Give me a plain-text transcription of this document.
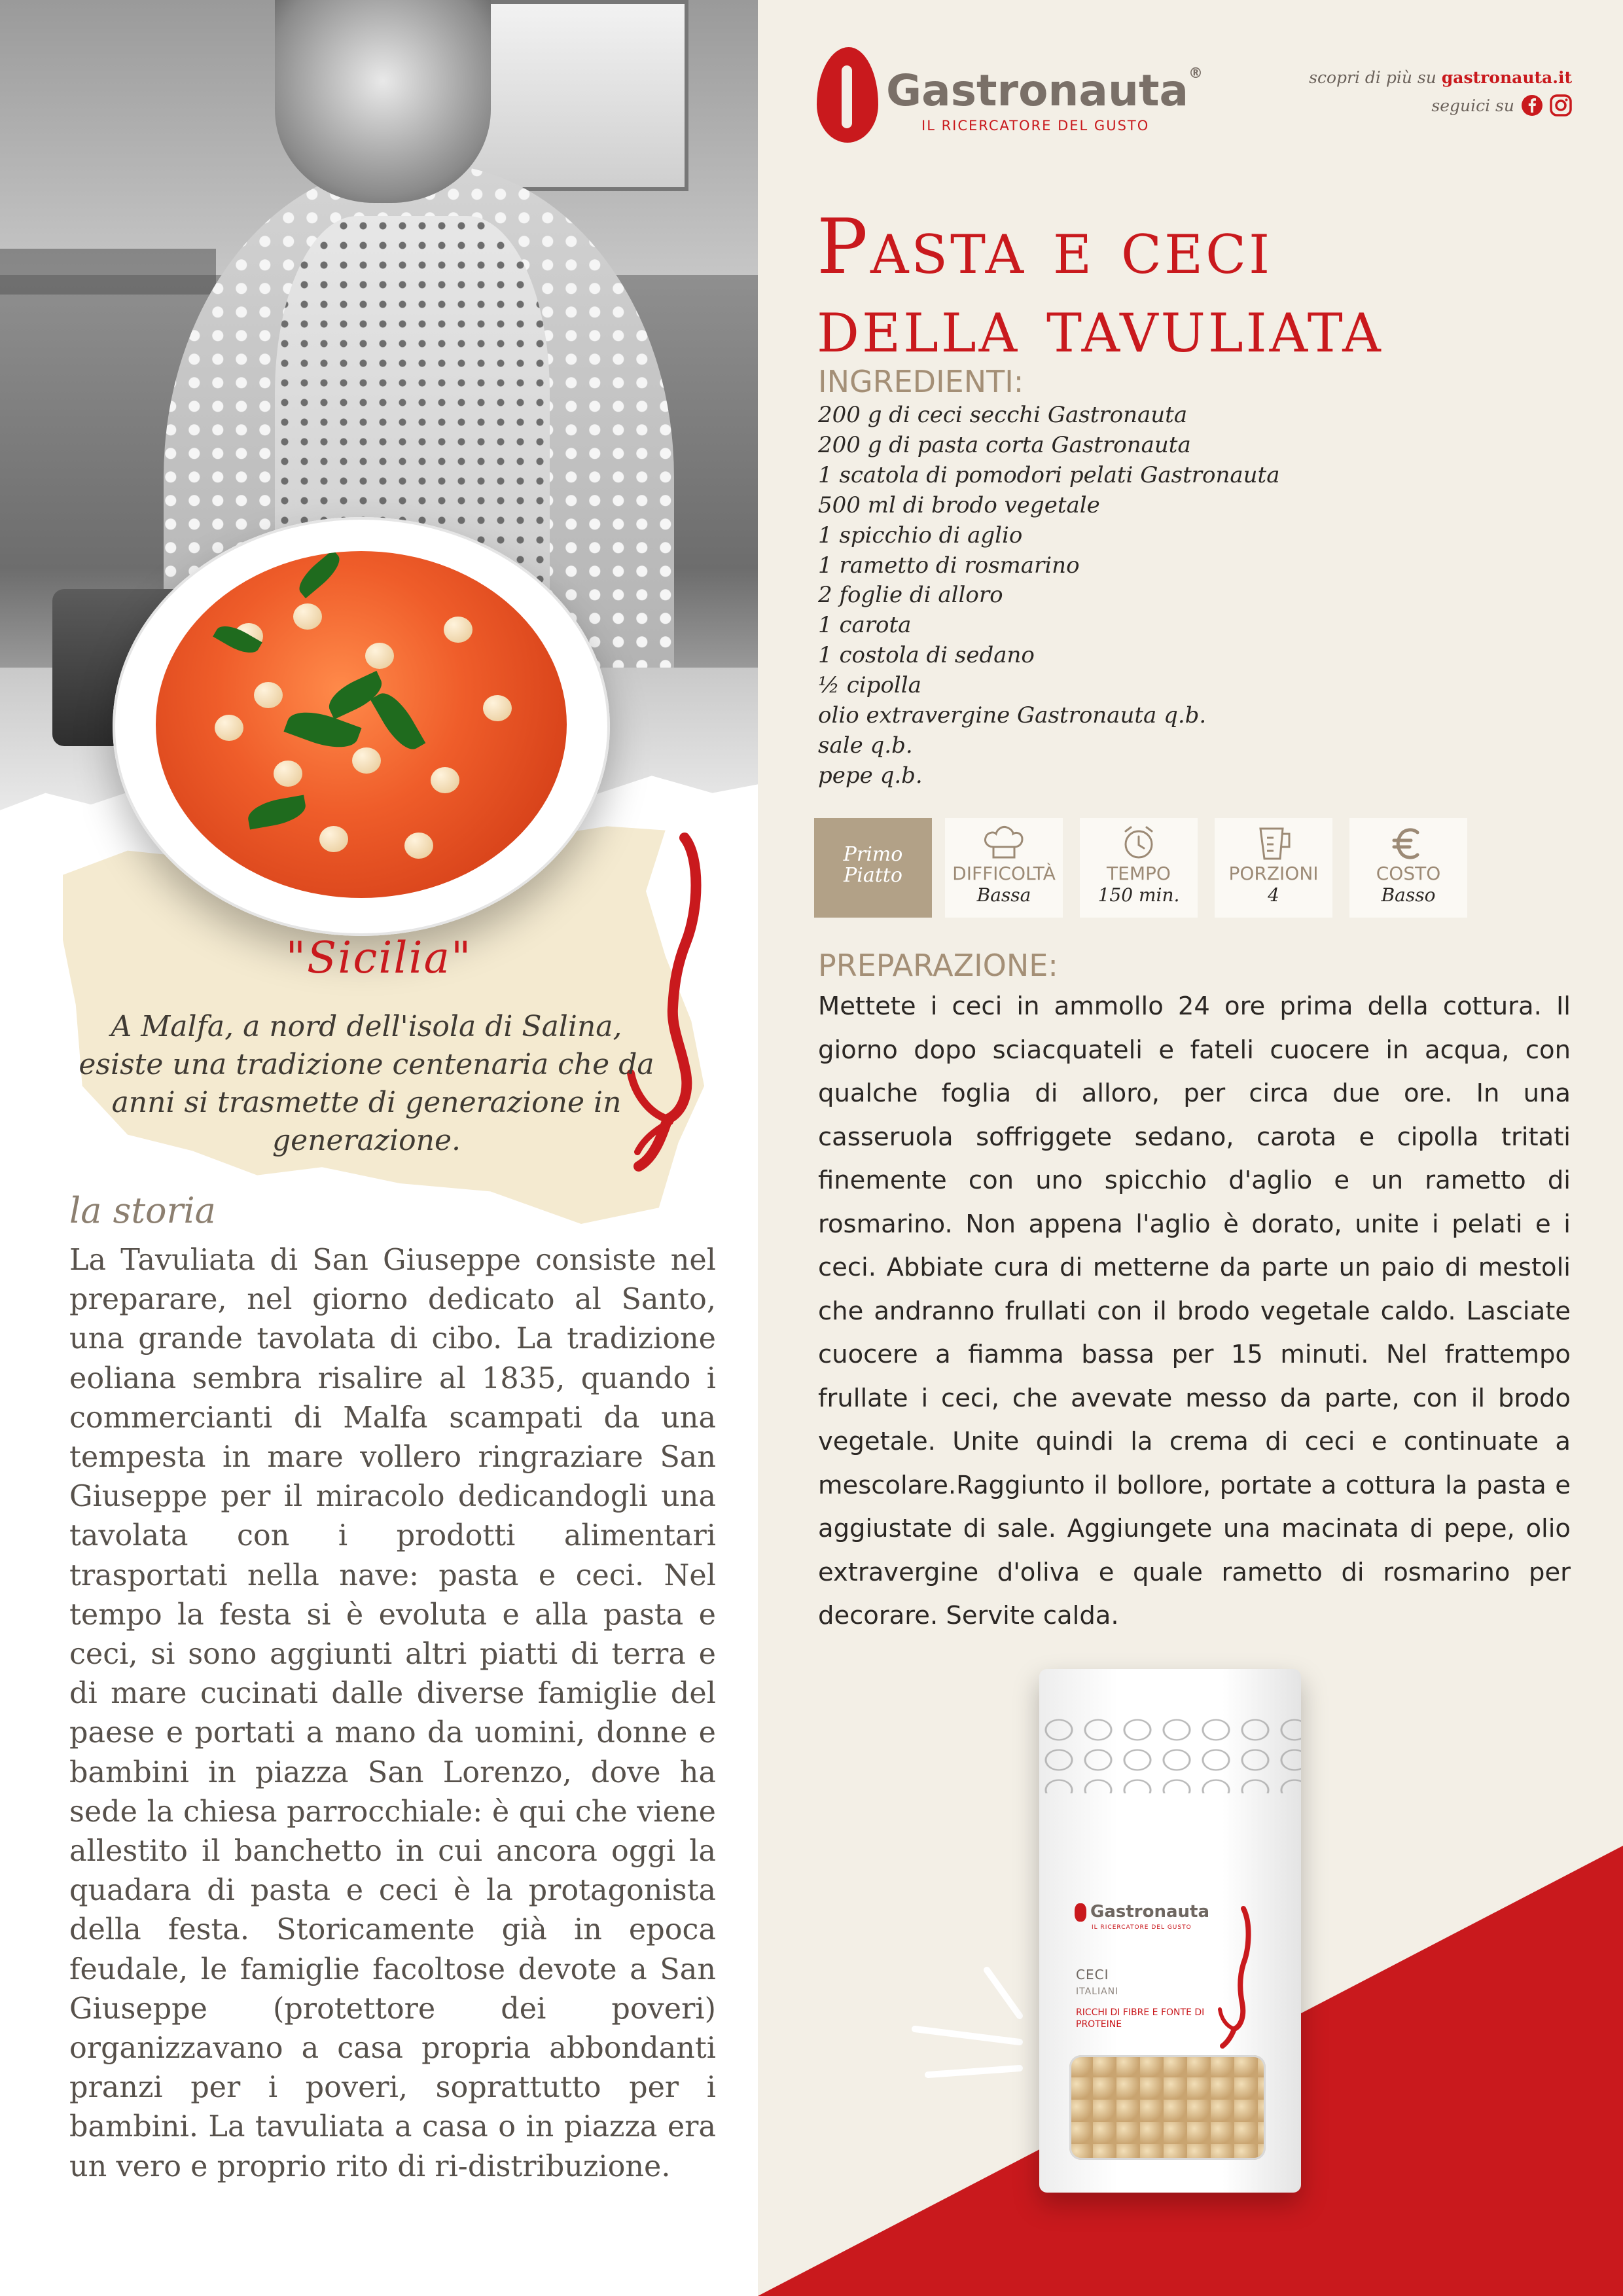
"Sicilia"
A Malfa, a nord dell'isola di Salina, esiste una tradizione centenaria che da anni si trasmette di generazione in generazione.
la storia
La Tavuliata di San Giuseppe consiste nel preparare, nel giorno dedicato al Santo, una grande tavolata di cibo. La tradizione eoliana sembra risalire al 1835, quando i commercianti di Malfa scampati da una tempesta in mare vollero ringraziare San Giuseppe per il miracolo dedicandogli una tavolata con i prodotti alimentari trasportati nella nave: pasta e ceci. Nel tempo la festa si è evoluta e alla pasta e ceci, si sono aggiunti altri piatti di terra e di mare cucinati dalle diverse famiglie del paese e portati a mano da uomini, donne e bambini in piazza San Lorenzo, dove ha sede la chiesa parrocchiale: è qui che viene allestito il banchetto in cui ancora oggi la quadara di pasta e ceci è la protagonista della festa. Storicamente già in epoca feudale, le famiglie facoltose devote a San Giuseppe (protettore dei poveri) organizzavano a casa propria abbondanti pranzi per i poveri, soprattutto per i bambini. La tavuliata a casa o in piazza era un vero e proprio rito di ri-distribuzione.
Gastronauta®
IL RICERCATORE DEL GUSTO
scopri di più su gastronauta.it
seguici su
Pasta e ceci
della tavuliata
INGREDIENTI:
200 g di ceci secchi Gastronauta
200 g di pasta corta Gastronauta
1 scatola di pomodori pelati Gastronauta
500 ml di brodo vegetale
1 spicchio di aglio
1 rametto di rosmarino
2 foglie di alloro
1 carota
1 costola di sedano
½ cipolla
olio extravergine Gastronauta q.b.
sale q.b.
pepe q.b.
Primo Piatto	DIFFICOLTÀ
Bassa
TEMPO
150 min.
PORZIONI
4
COSTO
Basso
PREPARAZIONE:
Mettete i ceci in ammollo 24 ore prima della cottura. Il giorno dopo sciacquateli e fateli cuocere in acqua, con qualche foglia di alloro, per circa due ore. In una casseruola soffriggete sedano, carota e cipolla tritati finemente con uno spicchio d'aglio e un rametto di rosmarino. Non appena l'aglio è dorato, unite i pelati e i ceci. Abbiate cura di metterne da parte un paio di mestoli che andranno frullati con il brodo vegetale caldo. Lasciate cuocere a fiamma bassa per 15 minuti. Nel frattempo frullate i ceci, che avevate messo da parte, con il brodo vegetale. Unite quindi la crema di ceci e continuate a mescolare.Raggiunto il bollore, portate a cottura la pasta e aggiustate di sale. Aggiungete una macinata di pepe, olio extravergine d'oliva e quale rametto di rosmarino per decorare. Servite calda.
Gastronauta
IL RICERCATORE DEL GUSTO
CECI
ITALIANI
RICCHI DI FIBRE E FONTE DI PROTEINE
